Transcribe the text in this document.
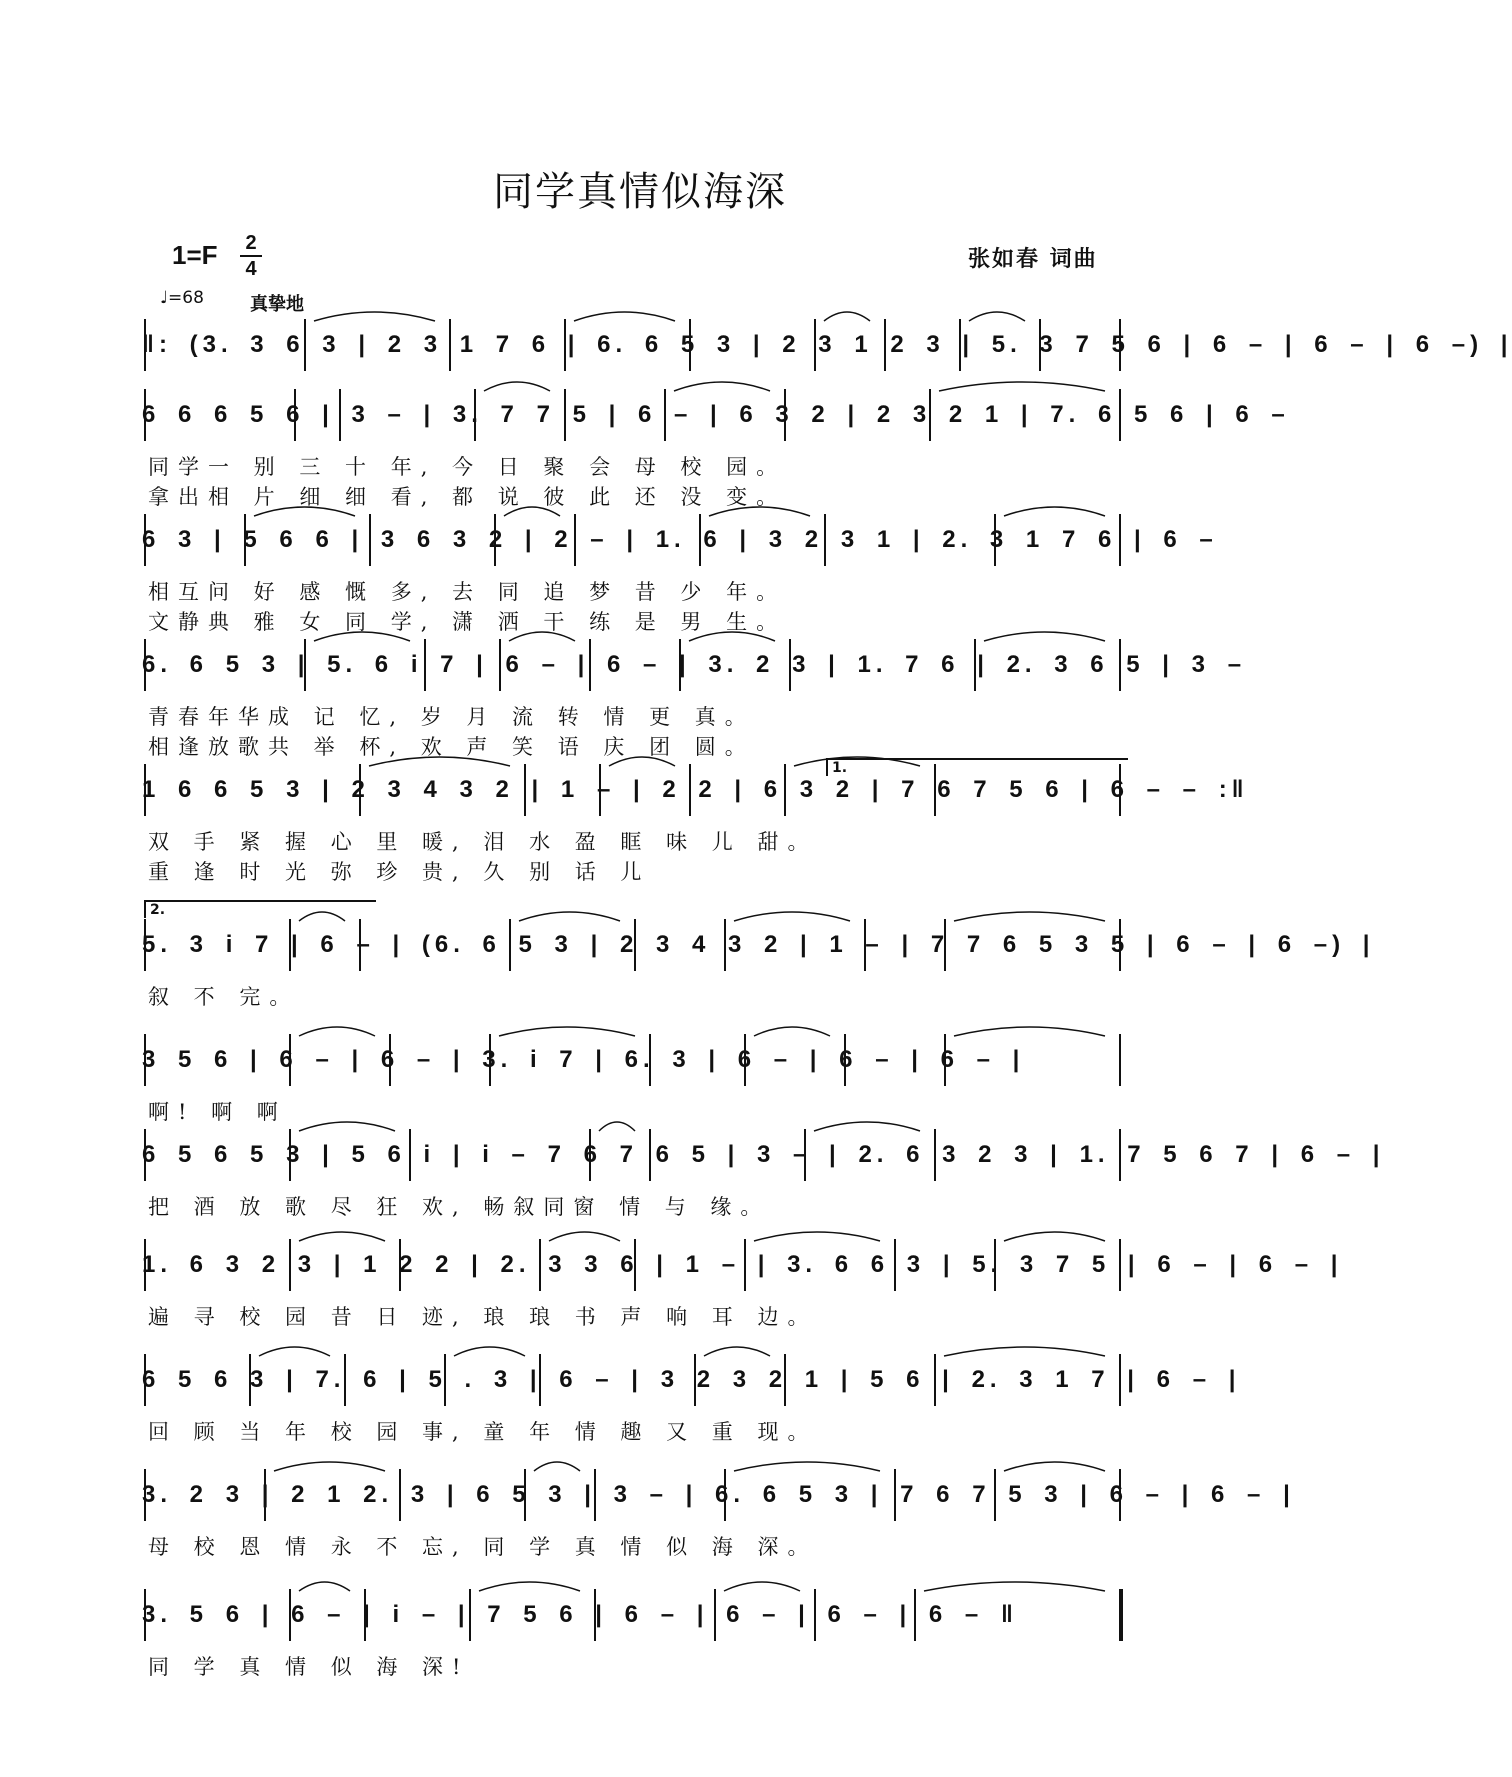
同学真情似海深
1=F 2
4	张如春 词曲
♩=68	真挚地
1.
2.
‖: (3. 3 6 3 | 2 3 1 7 6 | 6. 6 5 3 | 2 3 1 2 3 | 5. 3 7 5 6 | 6 – | 6 – | 6 –) |
6 6 6 5 6 | 3 – | 3. 7 7 5 | 6 – | 6 3 2 | 2 3 2 1 | 7. 6 5 6 | 6 –
同学一 别 三 十 年, 今 日 聚 会 母 校 园。
拿出相 片 细 细 看, 都 说 彼 此 还 没 变。
6 3 | 5 6 6 | 3 6 3 2 | 2 – | 1. 6 | 3 2 3 1 | 2. 3 1 7 6 | 6 –
相互问 好 感 慨 多, 去 同 追 梦 昔 少 年。
文静典 雅 女 同 学, 潇 洒 干 练 是 男 生。
6. 6 5 3 | 5. 6 i 7 | 6 – | 6 – | 3. 2 3 | 1. 7 6 | 2. 3 6 5 | 3 –
青春年华成 记 忆, 岁 月 流 转 情 更 真。
相逢放歌共 举 杯, 欢 声 笑 语 庆 团 圆。
1 6 6 5 3 | 2 3 4 3 2 | 1 – | 2 2 | 6 3 2 | 7 6 7 5 6 | 6 – – :‖
双 手 紧 握 心 里 暖, 泪 水 盈 眶 味 儿 甜。
重 逢 时 光 弥 珍 贵, 久 别 话 儿
5. 3 i 7 | 6 – | (6. 6 5 3 | 2 3 4 3 2 | 1 – | 7 7 6 5 3 5 | 6 – | 6 –) |
叙 不 完。
3 5 6 | 6 – | 6 – | 3. i 7 | 6. 3 | 6 – | 6 – | 6 – |
啊! 啊 啊
6 5 6 5 3 | 5 6 i | i – 7 6 7 6 5 | 3 – | 2. 6 3 2 3 | 1. 7 5 6 7 | 6 – |
把 酒 放 歌 尽 狂 欢, 畅叙同窗 情 与 缘。
1. 6 3 2 3 | 1 2 2 | 2. 3 3 6 | 1 – | 3. 6 6 3 | 5. 3 7 5 | 6 – | 6 – |
遍 寻 校 园 昔 日 迹, 琅 琅 书 声 响 耳 边。
6 5 6 3 | 7. 6 | 5 . 3 | 6 – | 3 2 3 2 1 | 5 6 | 2. 3 1 7 | 6 – |
回 顾 当 年 校 园 事, 童 年 情 趣 又 重 现。
3. 2 3 | 2 1 2. 3 | 6 5 3 | 3 – | 6. 6 5 3 | 7 6 7 5 3 | 6 – | 6 – |
母 校 恩 情 永 不 忘, 同 学 真 情 似 海 深。
3. 5 6 | 6 – | i – | 7 5 6 | 6 – | 6 – | 6 – | 6 – ‖
同 学 真 情 似 海 深!
